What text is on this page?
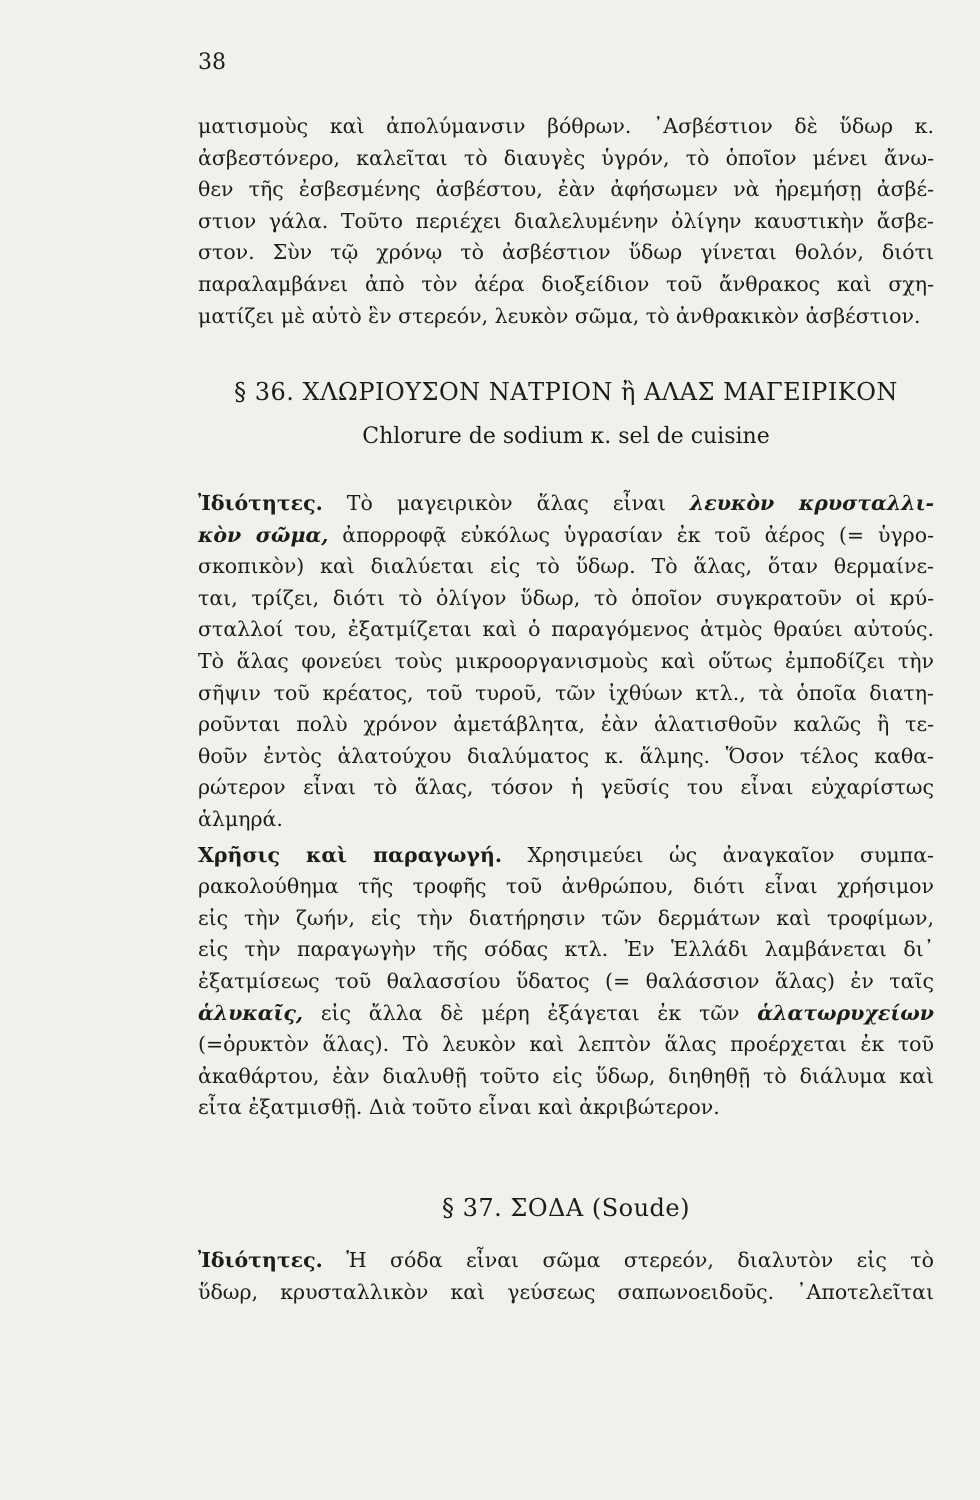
38
ματισμοὺς καὶ ἀπολύμανσιν βόθρων. ᾿Ασβέστιον δὲ ὕδωρ κ.
ἀσβεστόνερο, καλεῖται τὸ διαυγὲς ὑγρόν, τὸ ὁποῖον μένει ἄνω-
θεν τῆς ἐσβεσμένης ἀσβέστου, ἐὰν ἀφήσωμεν νὰ ἠρεμήσῃ ἀσβέ-
στιον γάλα. Τοῦτο περιέχει διαλελυμένην ὀλίγην καυστικὴν ἄσβε-
στον. Σὺν τῷ χρόνῳ τὸ ἀσβέστιον ὕδωρ γίνεται θολόν, διότι
παραλαμβάνει ἀπὸ τὸν ἀέρα διοξείδιον τοῦ ἄνθρακος καὶ σχη-
ματίζει μὲ αὐτὸ ἓν στερεόν, λευκὸν σῶμα, τὸ ἀνθρακικὸν ἀσβέστιον.
§ 36. ΧΛΩΡΙΟΥΣΟΝ ΝΑΤΡΙΟΝ ἢ ΑΛΑΣ ΜΑΓΕΙΡΙΚΟΝ
Chlorure de sodium κ. sel de cuisine
Ἰδιότητες. Τὸ μαγειρικὸν ἅλας εἶναι λευκὸν κρυσταλλι-
κὸν σῶμα, ἀπορροφᾷ εὐκόλως ὑγρασίαν ἐκ τοῦ ἀέρος (= ὑγρο-
σκοπικὸν) καὶ διαλύεται εἰς τὸ ὕδωρ. Τὸ ἅλας, ὅταν θερμαίνε-
ται, τρίζει, διότι τὸ ὀλίγον ὕδωρ, τὸ ὁποῖον συγκρατοῦν οἱ κρύ-
σταλλοί του, ἐξατμίζεται καὶ ὁ παραγόμενος ἀτμὸς θραύει αὐτούς.
Τὸ ἅλας φονεύει τοὺς μικροοργανισμοὺς καὶ οὕτως ἐμποδίζει τὴν
σῆψιν τοῦ κρέατος, τοῦ τυροῦ, τῶν ἰχθύων κτλ., τὰ ὁποῖα διατη-
ροῦνται πολὺ χρόνον ἀμετάβλητα, ἐὰν ἁλατισθοῦν καλῶς ἢ τε-
θοῦν ἐντὸς ἁλατούχου διαλύματος κ. ἅλμης. Ὅσον τέλος καθα-
ρώτερον εἶναι τὸ ἅλας, τόσον ἡ γεῦσίς του εἶναι εὐχαρίστως
ἁλμηρά.
Χρῆσις καὶ παραγωγή. Χρησιμεύει ὡς ἀναγκαῖον συμπα-
ρακολούθημα τῆς τροφῆς τοῦ ἀνθρώπου, διότι εἶναι χρήσιμον
εἰς τὴν ζωήν, εἰς τὴν διατήρησιν τῶν δερμάτων καὶ τροφίμων,
εἰς τὴν παραγωγὴν τῆς σόδας κτλ. Ἐν Ἑλλάδι λαμβάνεται δι᾿
ἐξατμίσεως τοῦ θαλασσίου ὕδατος (= θαλάσσιον ἅλας) ἐν ταῖς
ἁλυκαῖς, εἰς ἄλλα δὲ μέρη ἐξάγεται ἐκ τῶν ἁλατωρυχείων
(=ὀρυκτὸν ἅλας). Τὸ λευκὸν καὶ λεπτὸν ἅλας προέρχεται ἐκ τοῦ
ἀκαθάρτου, ἐὰν διαλυθῇ τοῦτο εἰς ὕδωρ, διηθηθῇ τὸ διάλυμα καὶ
εἶτα ἐξατμισθῇ. Διὰ τοῦτο εἶναι καὶ ἀκριβώτερον.
§ 37. ΣΟΔΑ (Soude)
Ἰδιότητες. Ἡ σόδα εἶναι σῶμα στερεόν, διαλυτὸν εἰς τὸ
ὕδωρ, κρυσταλλικὸν καὶ γεύσεως σαπωνοειδοῦς. ᾿Αποτελεῖται
